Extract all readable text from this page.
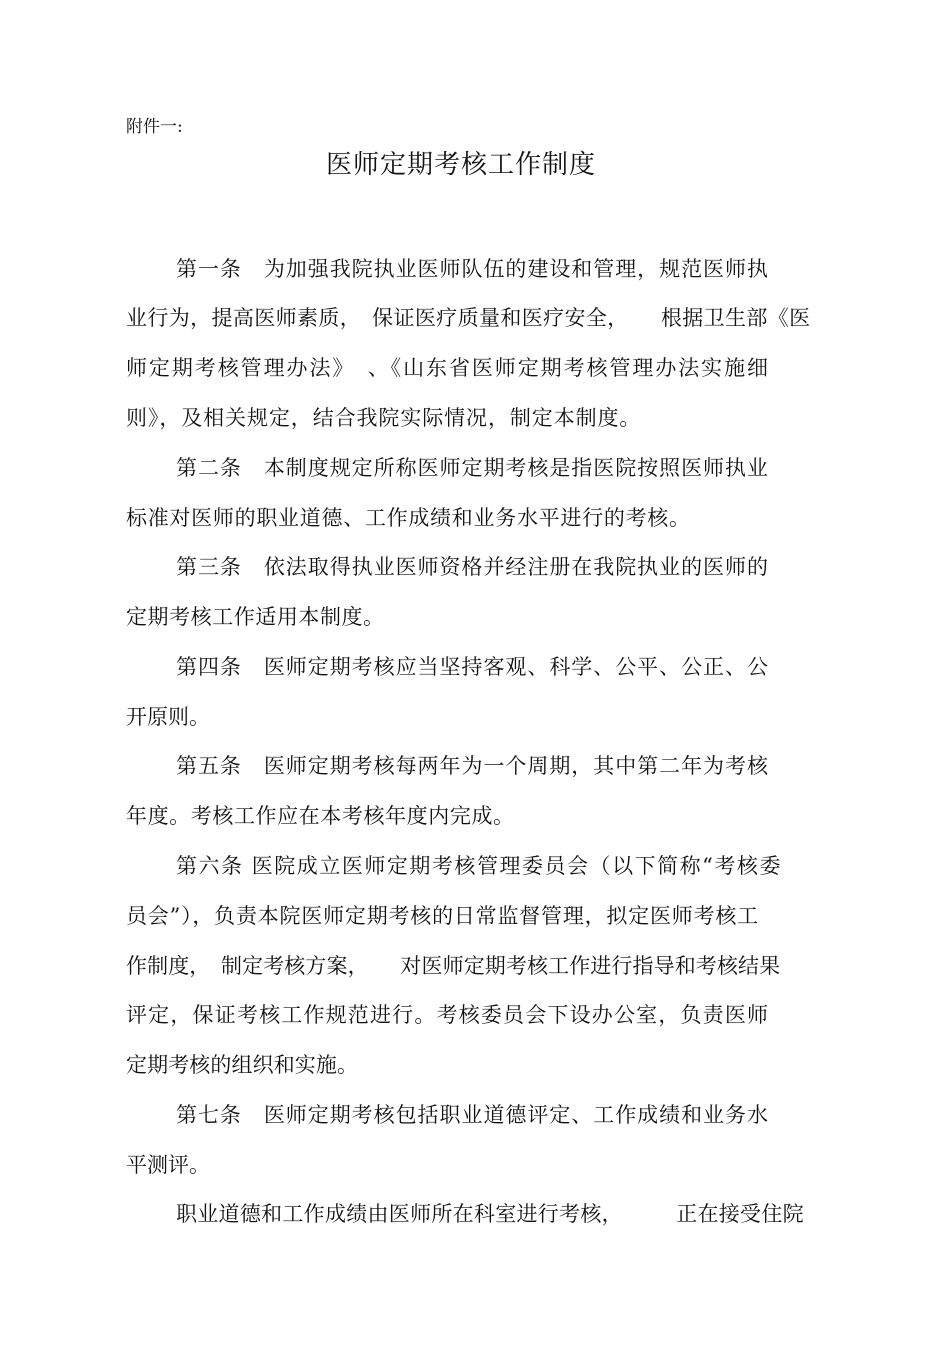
附件一:
医师定期考核工作制度
第一条　为加强我院执业医师队伍的建设和管理，规范医师执
业行为，提高医师素质，　保证医疗质量和医疗安全，　　根据卫生部《医
师定期考核管理办法》　、《山东省医师定期考核管理办法实施细
则》，及相关规定，结合我院实际情况，制定本制度。
第二条　本制度规定所称医师定期考核是指医院按照医师执业
标准对医师的职业道德、工作成绩和业务水平进行的考核。
第三条　依法取得执业医师资格并经注册在我院执业的医师的
定期考核工作适用本制度。
第四条　医师定期考核应当坚持客观、科学、公平、公正、公
开原则。
第五条　医师定期考核每两年为一个周期，其中第二年为考核
年度。考核工作应在本考核年度内完成。
第六条 医院成立医师定期考核管理委员会（以下简称“考核委
员会”），负责本院医师定期考核的日常监督管理，拟定医师考核工
作制度，　制定考核方案，　　对医师定期考核工作进行指导和考核结果
评定，保证考核工作规范进行。考核委员会下设办公室，负责医师
定期考核的组织和实施。
第七条　医师定期考核包括职业道德评定、工作成绩和业务水
平测评。
职业道德和工作成绩由医师所在科室进行考核，　　　正在接受住院
